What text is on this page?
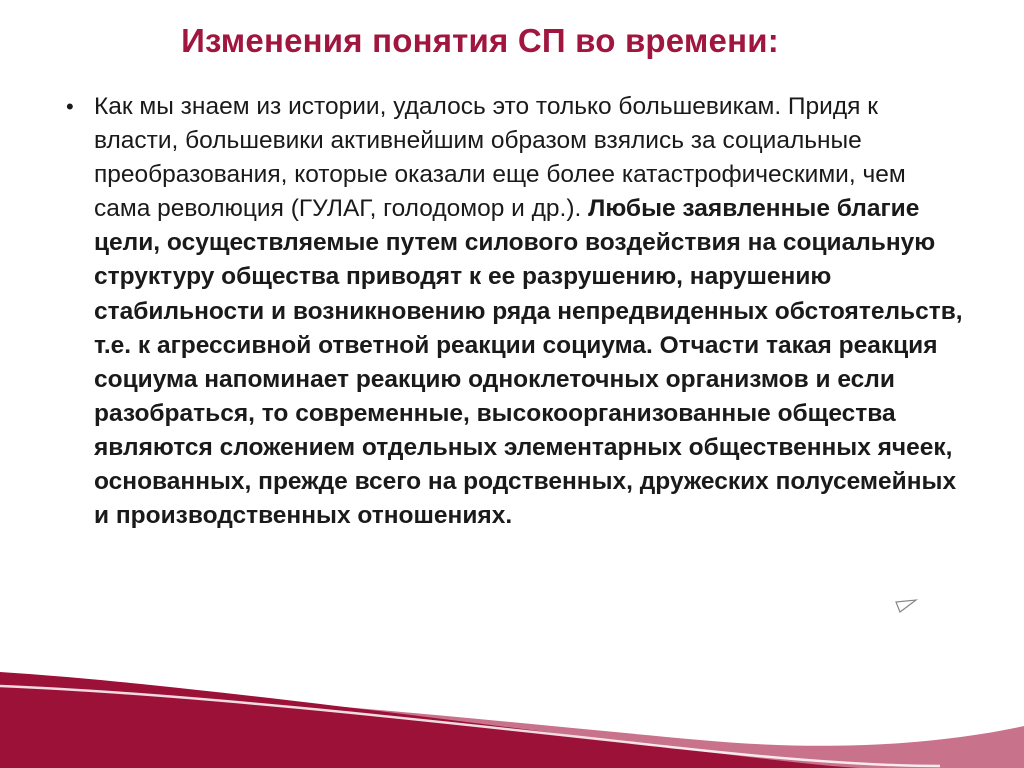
Изменения понятия СП во времени:
• Как мы знаем из истории, удалось это только большевикам. Придя к власти, большевики активнейшим образом взялись за социальные преобразования, которые оказали еще более катастрофическими, чем сама революция (ГУЛАГ, голодомор и др.). Любые заявленные благие цели, осуществляемые путем силового воздействия на социальную структуру общества приводят к ее разрушению, нарушению стабильности и возникновению ряда непредвиденных обстоятельств, т.е. к агрессивной ответной реакции социума. Отчасти такая реакция социума напоминает реакцию одноклеточных организмов и если разобраться, то современные, высокоорганизованные общества являются сложением отдельных элементарных общественных ячеек, основанных, прежде всего на родственных, дружеских полусемейных и производственных отношениях.
